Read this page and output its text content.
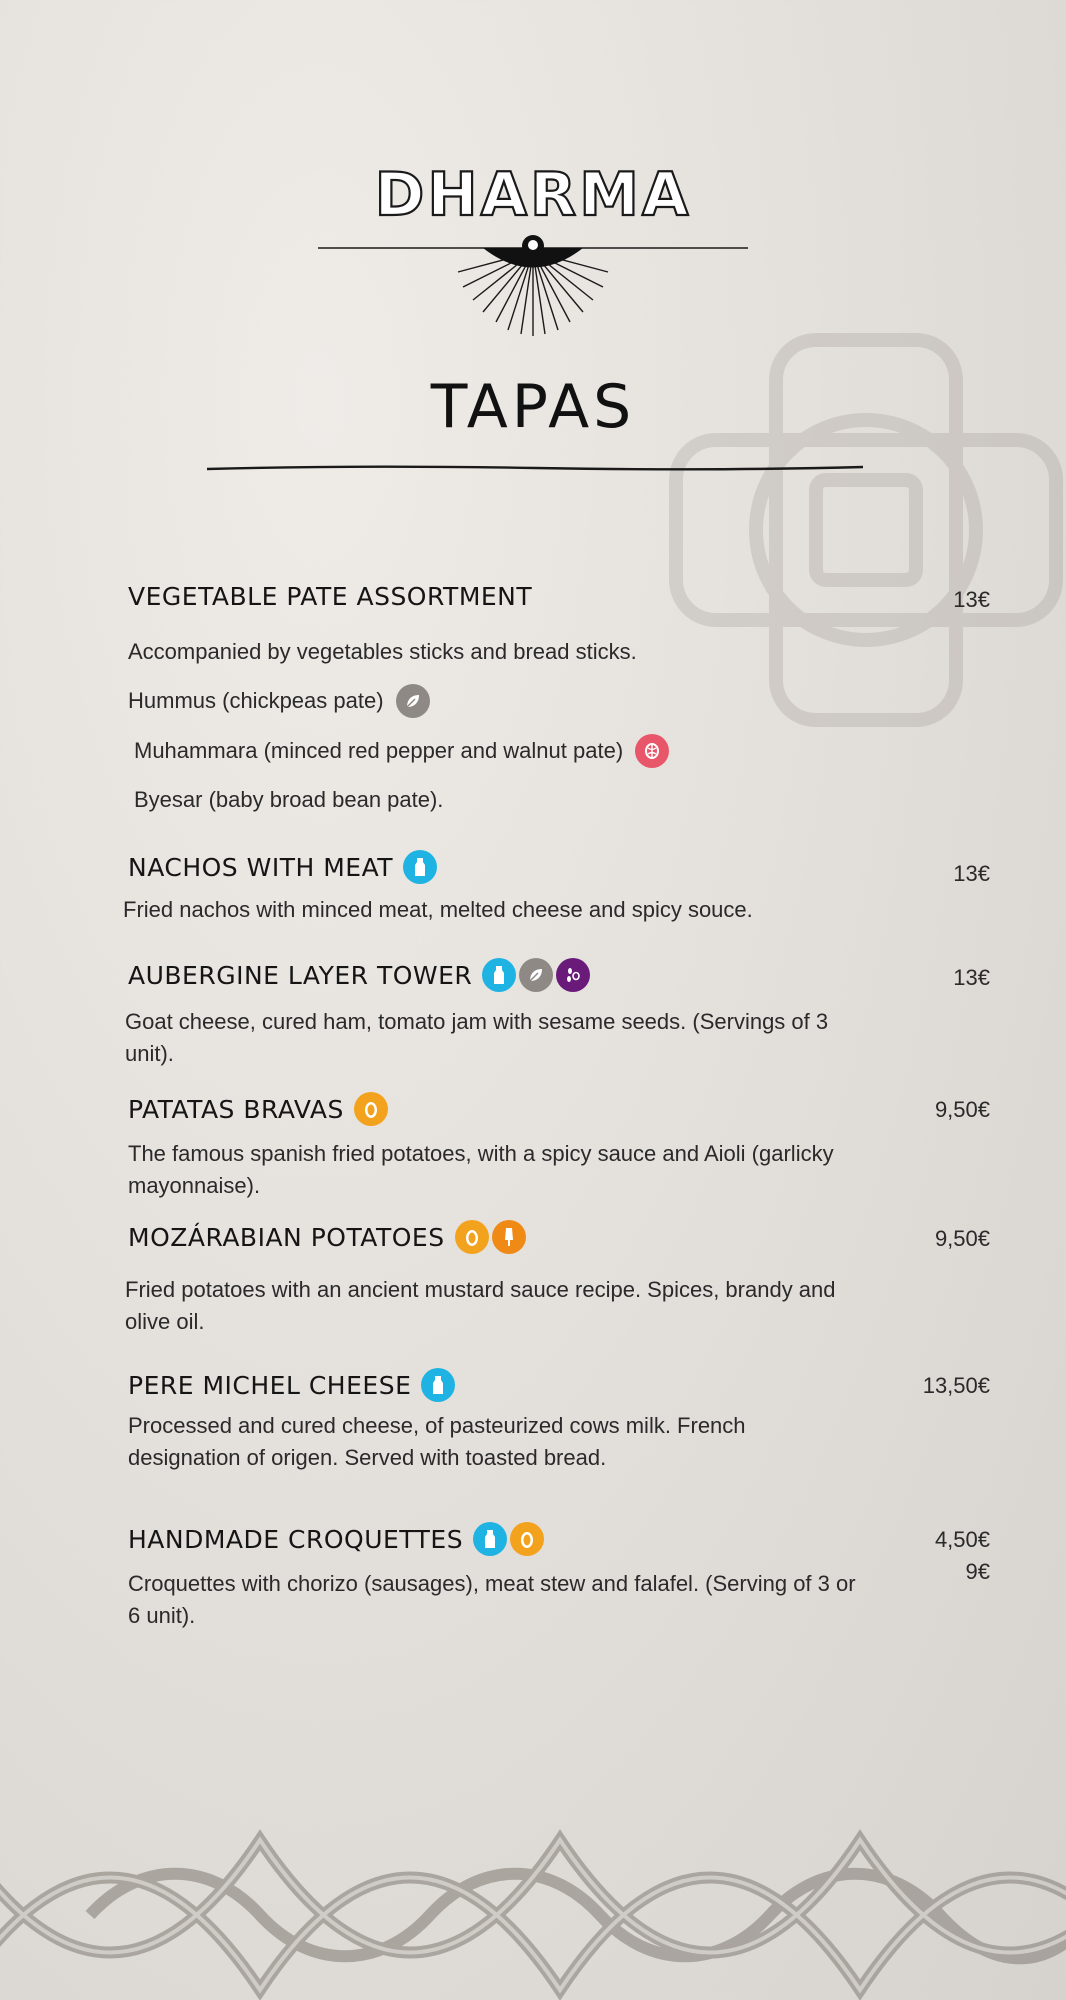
DHARMA
TAPAS
VEGETABLE PATE ASSORTMENT	13€
Accompanied by vegetables sticks and bread sticks.
Hummus (chickpeas pate)
Muhammara (minced red pepper and walnut pate)
Byesar (baby broad bean pate).
NACHOS WITH MEAT	13€
Fried nachos with minced meat, melted cheese and spicy souce.
AUBERGINE LAYER TOWER	13€
Goat cheese, cured ham, tomato jam with sesame seeds. (Servings of 3 unit).
PATATAS BRAVAS	9,50€
The famous spanish fried potatoes, with a spicy sauce and Aioli (garlicky mayonnaise).
MOZÁRABIAN POTATOES	9,50€
Fried potatoes with an ancient mustard sauce recipe. Spices, brandy and olive oil.
PERE MICHEL CHEESE	13,50€
Processed and cured cheese, of pasteurized cows milk. French designation of origen. Served with toasted bread.
HANDMADE CROQUETTES	4,50€
9€
Croquettes with chorizo (sausages), meat stew and falafel. (Serving of 3 or 6 unit).
